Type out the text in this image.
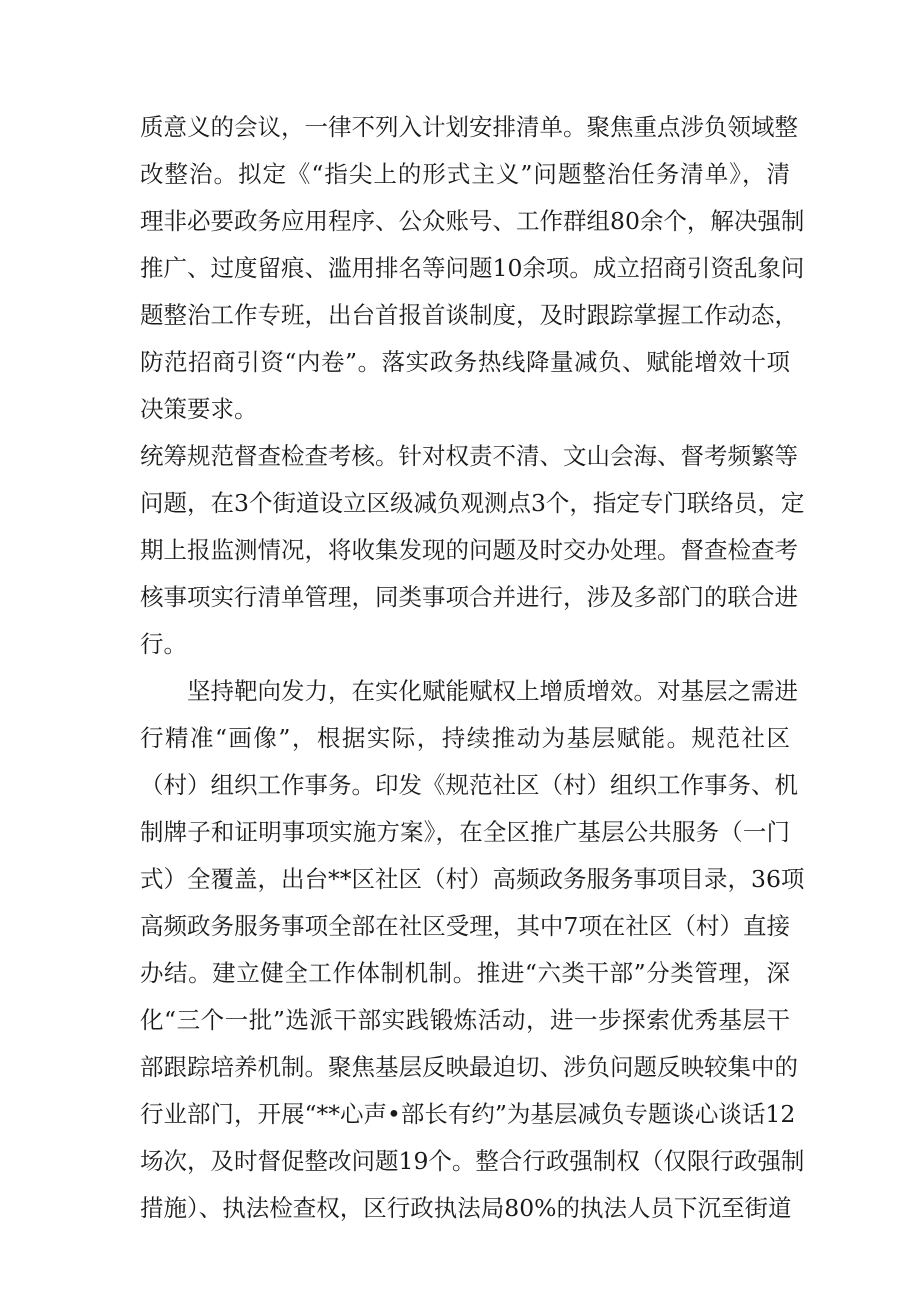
质意义的会议，一律不列入计划安排清单。聚焦重点涉负领域整
改整治。拟定《“指尖上的形式主义”问题整治任务清单》，清
理非必要政务应用程序、公众账号、工作群组80余个，解决强制
推广、过度留痕、滥用排名等问题10余项。成立招商引资乱象问
题整治工作专班，出台首报首谈制度，及时跟踪掌握工作动态，
防范招商引资“内卷”。落实政务热线降量减负、赋能增效十项
决策要求。
统筹规范督查检查考核。针对权责不清、文山会海、督考频繁等
问题，在3个街道设立区级减负观测点3个，指定专门联络员，定
期上报监测情况，将收集发现的问题及时交办处理。督查检查考
核事项实行清单管理，同类事项合并进行，涉及多部门的联合进
行。
坚持靶向发力，在实化赋能赋权上增质增效。对基层之需进
行精准“画像”，根据实际，持续推动为基层赋能。规范社区
（村）组织工作事务。印发《规范社区（村）组织工作事务、机
制牌子和证明事项实施方案》，在全区推广基层公共服务（一门
式）全覆盖，出台**区社区（村）高频政务服务事项目录，36项
高频政务服务事项全部在社区受理，其中7项在社区（村）直接
办结。建立健全工作体制机制。推进“六类干部”分类管理，深
化“三个一批”选派干部实践锻炼活动，进一步探索优秀基层干
部跟踪培养机制。聚焦基层反映最迫切、涉负问题反映较集中的
行业部门，开展“**心声•部长有约”为基层减负专题谈心谈话12
场次，及时督促整改问题19个。整合行政强制权（仅限行政强制
措施）、执法检查权，区行政执法局80%的执法人员下沉至街道
